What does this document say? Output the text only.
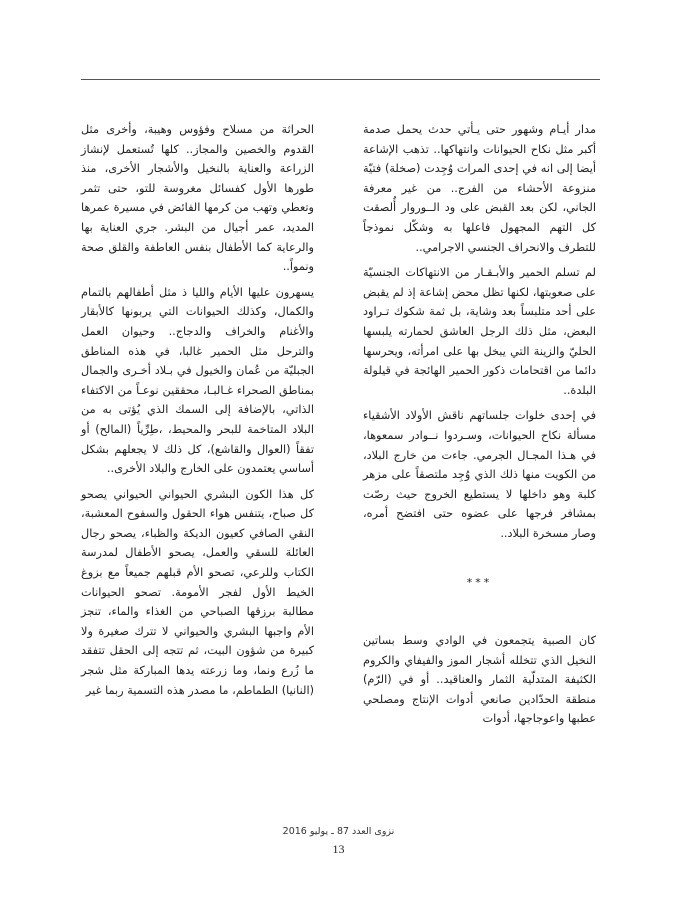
مدار أيـام وشهور حتى يـأتي حدث يحمل صدمة أكبر مثل نكاح الحيوانات وانتهاكها.. تذهب الإشاعة أيضا إلى انه في إحدى المرات وُجِدت (صخلة) فتيّة منزوعة الأحشاء من الفرج.. من غير معرفة الجاني، لكن بعد القبض على ود الــوروار أُلصقت كل التهم المجهول فاعلها به وشكّل نموذجاً للتطرف والانحراف الجنسي الاجرامي..

لم تسلم الحمير والأبـقـار من الانتهاكات الجنسيّة على صعوبتها، لكنها تظل محض إشاعة إذ لم يقبض على أحد متلبساً بعد وشاية، بل ثمة شكوك تـراود البعض، مثل ذلك الرجل العاشق لحمارته يلبسها الحليّ والزينة التي يبخل بها على امرأته، ويحرسها دائما من اقتحامات ذكور الحمير الهائجة في قيلولة البلدة..

في إحدى خلوات جلساتهم ناقش الأولاد الأشقياء مسألة نكاح الحيوانات، وسـردوا نــوادر سمعوها، في هـذا المجـال الجرمي. جاءت من خارج البلاد، من الكويت منها ذلك الذي وُجِد ملتصقاً على مزهر كلبة وهو داخلها لا يستطيع الخروج حيث رصّت بمشافر فرجها على عضوه حتى افتضح أمره، وصار مسخرة البلاد..

***

كان الصبية يتجمعون في الوادي وسط بساتين النخيل الذي تتخلله أشجار الموز والفيفاي والكروم الكثيفة المتدلّية الثمار والعناقيد.. أو في (الرّم) منطقة الحدّادين صانعي أدوات الإنتاج ومصلحي عطبها واعوجاجها، أدوات

الحراثة من مسلاح وفؤوس وهيبة، وأخرى مثل القدوم والخصين والمجاز.. كلها تُستعمل لإنشاز الزراعة والعناية بالنخيل والأشجار الأخرى، منذ طورها الأول كفسائل مغروسة للتو، حتى تثمر وتعطي وتهب من كرمها الفائض في مسيرة عمرها المديد، عمر أجيال من البشر. جري العناية بها والرعاية كما الأطفال بنفس العاطفة والقلق صحة ونمواً..

يسهرون عليها الأيام والليا ذ مثل أطفالهم بالتمام والكمال، وكذلك الحيوانات التي يربونها كالأبقار والأغنام والخراف والدجاج.. وحيوان العمل والترحل مثل الحمير غالبا، في هذه المناطق الجبليّة من عُمان والخيول في بـلاد أخـرى والجمال بمناطق الصحراء غـالبـا، محققين نوعـاً من الاكتفاء الذاتي، بالإضافة إلى السمك الذي يُؤتى به من البلاد المتاخمة للبحر والمحيط، ،طِرِّياً (المالح) أو تفقاً (العوال والقاشع)، كل ذلك لا يجعلهم بشكل أساسي يعتمدون على الخارج والبلاد الأخرى..

كل هذا الكون البشري الحيواني الحيواني يصحو كل صباح، يتنفس هواء الحقول والسفوح المعشبة، النقي الصافي كعيون الديكة والظباء، يصحو رجال العائلة للسقي والعمل، يصحو الأطفال لمدرسة الكتاب وللرعي، تصحو الأم قبلهم جميعاً مع بزوغ الخيط الأول لفجر الأمومة. تصحو الحيوانات مطالبة برزقها الصباحي من الغذاء والماء، تنجز الأم واجبها البشري والحيواني لا تترك صغيرة ولا كبيرة من شؤون البيت، ثم تتجه إلى الحقل تتفقد ما زُرع ونما، وما زرعته يدها المباركة مثل شجر (النانيا) الطماطم، ما مصدر هذه التسمية ربما غير

نزوى العدد 87 ـ يوليو 2016
13
